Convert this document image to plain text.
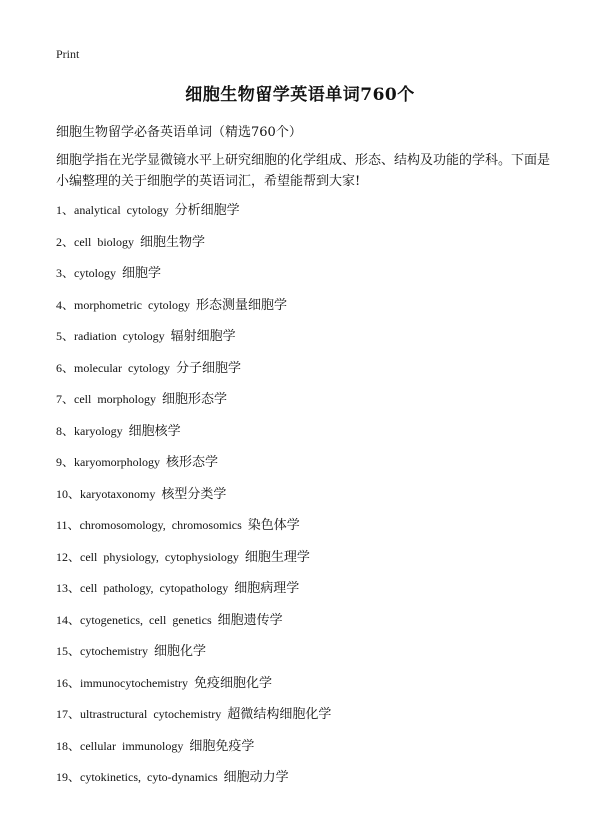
Print
细胞生物留学英语单词760个
细胞生物留学必备英语单词（精选760个）
细胞学指在光学显微镜水平上研究细胞的化学组成、形态、结构及功能的学科。下面是小编整理的关于细胞学的英语词汇，希望能帮到大家!
1、analytical cytology 分析细胞学
2、cell biology 细胞生物学
3、cytology 细胞学
4、morphometric cytology 形态测量细胞学
5、radiation cytology 辐射细胞学
6、molecular cytology 分子细胞学
7、cell morphology 细胞形态学
8、karyology 细胞核学
9、karyomorphology 核形态学
10、karyotaxonomy 核型分类学
11、chromosomology, chromosomics 染色体学
12、cell physiology, cytophysiology 细胞生理学
13、cell pathology, cytopathology 细胞病理学
14、cytogenetics, cell genetics 细胞遗传学
15、cytochemistry 细胞化学
16、immunocytochemistry 免疫细胞化学
17、ultrastructural cytochemistry 超微结构细胞化学
18、cellular immunology 细胞免疫学
19、cytokinetics, cyto-dynamics 细胞动力学
